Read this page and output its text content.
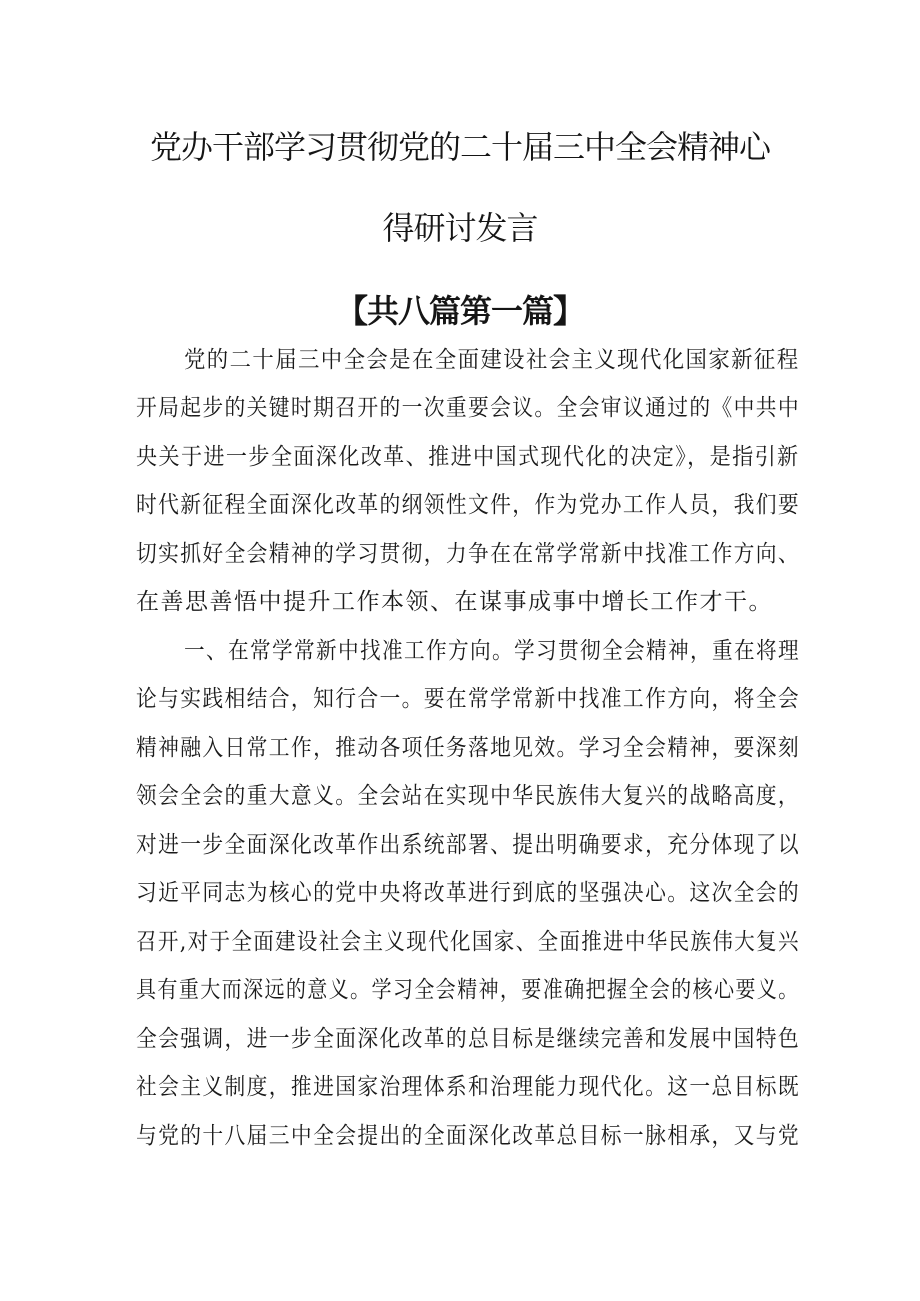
党办干部学习贯彻党的二十届三中全会精神心
得研讨发言
【共八篇第一篇】
党的二十届三中全会是在全面建设社会主义现代化国家新征程
开局起步的关键时期召开的一次重要会议。全会审议通过的《中共中
央关于进一步全面深化改革、推进中国式现代化的决定》，是指引新
时代新征程全面深化改革的纲领性文件，作为党办工作人员，我们要
切实抓好全会精神的学习贯彻，力争在在常学常新中找准工作方向、
在善思善悟中提升工作本领、在谋事成事中增长工作才干。
一、在常学常新中找准工作方向。学习贯彻全会精神，重在将理
论与实践相结合，知行合一。要在常学常新中找准工作方向，将全会
精神融入日常工作，推动各项任务落地见效。学习全会精神，要深刻
领会全会的重大意义。全会站在实现中华民族伟大复兴的战略高度，
对进一步全面深化改革作出系统部署、提出明确要求，充分体现了以
习近平同志为核心的党中央将改革进行到底的坚强决心。这次全会的
召开,对于全面建设社会主义现代化国家、全面推进中华民族伟大复兴
具有重大而深远的意义。学习全会精神，要准确把握全会的核心要义。
全会强调，进一步全面深化改革的总目标是继续完善和发展中国特色
社会主义制度，推进国家治理体系和治理能力现代化。这一总目标既
与党的十八届三中全会提出的全面深化改革总目标一脉相承，又与党
